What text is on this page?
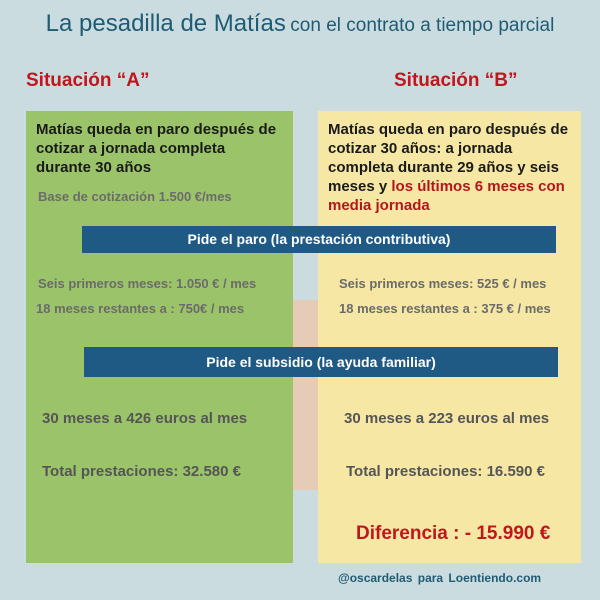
La pesadilla de Matías con el contrato a tiempo parcial
Situación “A”	Situación “B”
Matías queda en paro después de cotizar a jornada completa durante 30 años
Base de cotización 1.500 €/mes
Matías queda en paro después de cotizar 30 años: a jornada completa durante 29 años y seis meses y los últimos 6 meses con media jornada
Pide el paro (la prestación contributiva)
Seis primeros meses: 1.050 € / mes
18 meses restantes a : 750€ / mes
Seis primeros meses: 525 € / mes
18 meses restantes a : 375 € / mes
Pide el subsidio (la ayuda familiar)
30 meses a 426 euros al mes	30 meses a 223 euros al mes
Total prestaciones: 32.580 €	Total prestaciones: 16.590 €
Diferencia : - 15.990 €
@oscardelas para Loentiendo.com
